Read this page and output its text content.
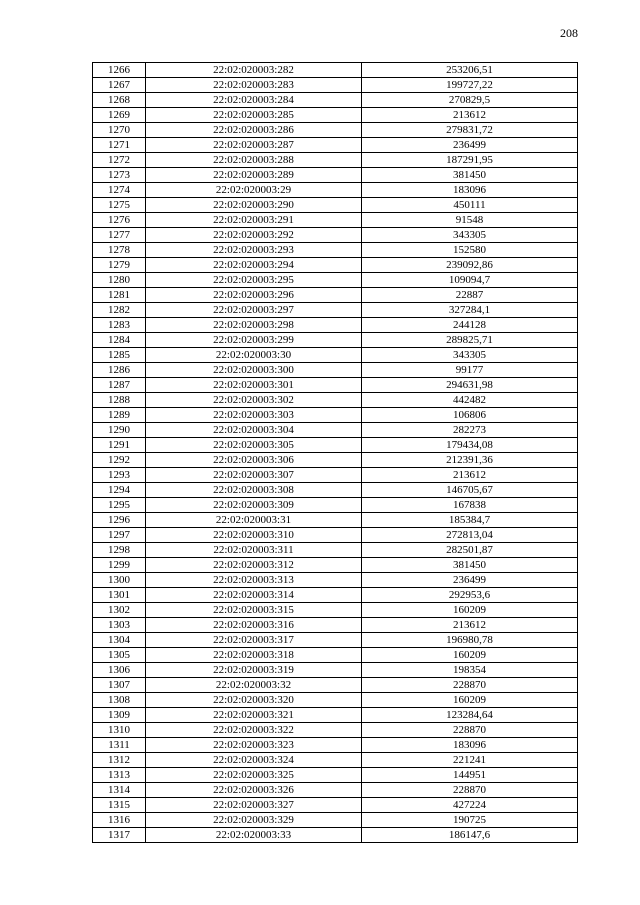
208
1266	22:02:020003:282	253206,51
1267	22:02:020003:283	199727,22
1268	22:02:020003:284	270829,5
1269	22:02:020003:285	213612
1270	22:02:020003:286	279831,72
1271	22:02:020003:287	236499
1272	22:02:020003:288	187291,95
1273	22:02:020003:289	381450
1274	22:02:020003:29	183096
1275	22:02:020003:290	450111
1276	22:02:020003:291	91548
1277	22:02:020003:292	343305
1278	22:02:020003:293	152580
1279	22:02:020003:294	239092,86
1280	22:02:020003:295	109094,7
1281	22:02:020003:296	22887
1282	22:02:020003:297	327284,1
1283	22:02:020003:298	244128
1284	22:02:020003:299	289825,71
1285	22:02:020003:30	343305
1286	22:02:020003:300	99177
1287	22:02:020003:301	294631,98
1288	22:02:020003:302	442482
1289	22:02:020003:303	106806
1290	22:02:020003:304	282273
1291	22:02:020003:305	179434,08
1292	22:02:020003:306	212391,36
1293	22:02:020003:307	213612
1294	22:02:020003:308	146705,67
1295	22:02:020003:309	167838
1296	22:02:020003:31	185384,7
1297	22:02:020003:310	272813,04
1298	22:02:020003:311	282501,87
1299	22:02:020003:312	381450
1300	22:02:020003:313	236499
1301	22:02:020003:314	292953,6
1302	22:02:020003:315	160209
1303	22:02:020003:316	213612
1304	22:02:020003:317	196980,78
1305	22:02:020003:318	160209
1306	22:02:020003:319	198354
1307	22:02:020003:32	228870
1308	22:02:020003:320	160209
1309	22:02:020003:321	123284,64
1310	22:02:020003:322	228870
1311	22:02:020003:323	183096
1312	22:02:020003:324	221241
1313	22:02:020003:325	144951
1314	22:02:020003:326	228870
1315	22:02:020003:327	427224
1316	22:02:020003:329	190725
1317	22:02:020003:33	186147,6
